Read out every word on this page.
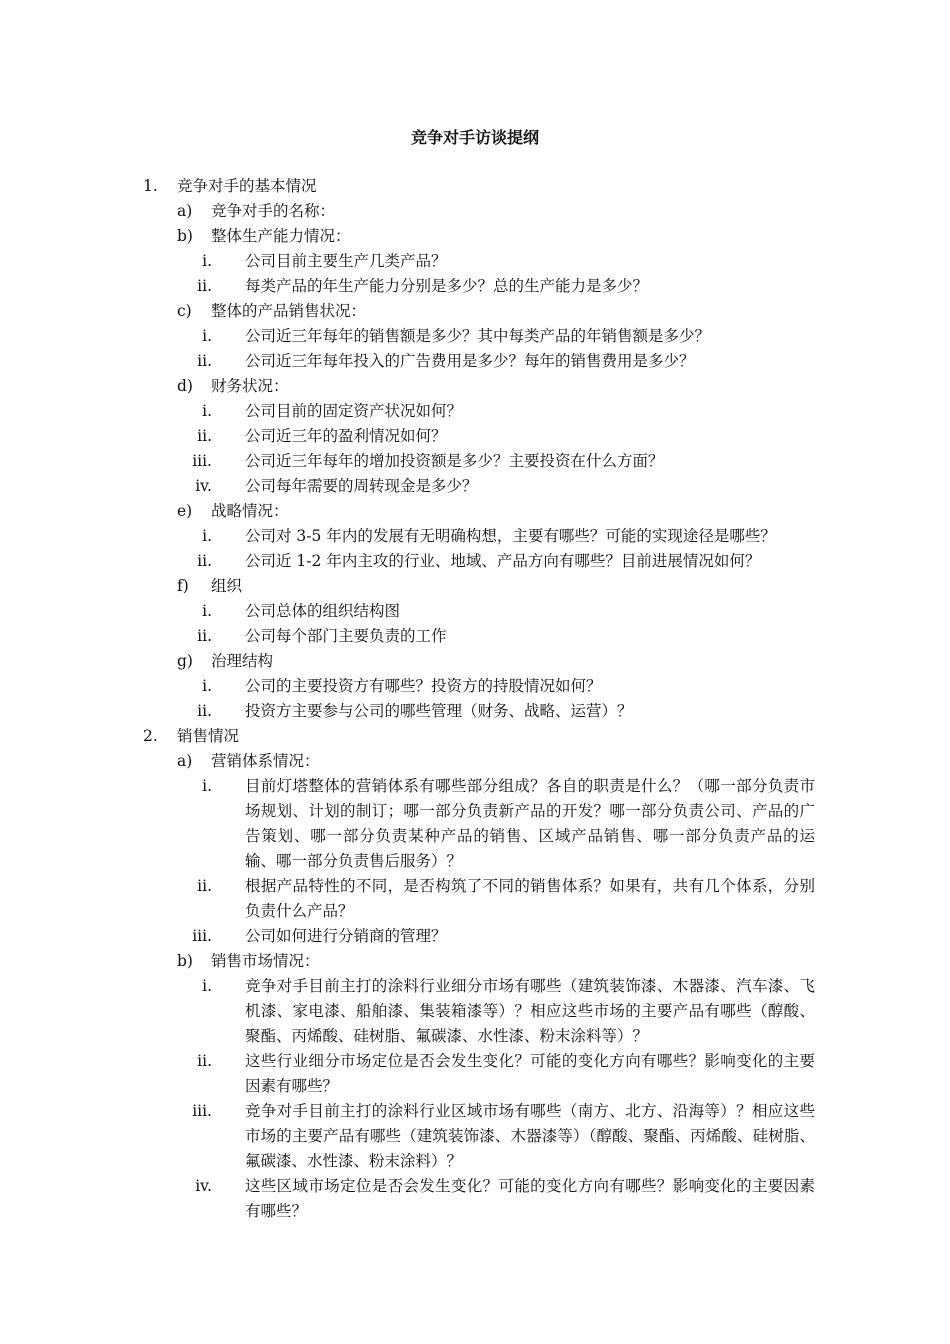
竞争对手访谈提纲
1.	竞争对手的基本情况
a)	竞争对手的名称：
b)	整体生产能力情况：
i. 公司目前主要生产几类产品？
ii. 每类产品的年生产能力分别是多少？总的生产能力是多少？
c)	整体的产品销售状况：
i. 公司近三年每年的销售额是多少？其中每类产品的年销售额是多少？
ii. 公司近三年每年投入的广告费用是多少？每年的销售费用是多少？
d)	财务状况：
i. 公司目前的固定资产状况如何？
ii. 公司近三年的盈利情况如何？
iii. 公司近三年每年的增加投资额是多少？主要投资在什么方面？
iv. 公司每年需要的周转现金是多少？
e)	战略情况：
i. 公司对 3-5 年内的发展有无明确构想，主要有哪些？可能的实现途径是哪些？
ii. 公司近 1-2 年内主攻的行业、地域、产品方向有哪些？目前进展情况如何？
f)	组织
i. 公司总体的组织结构图
ii. 公司每个部门主要负责的工作
g)	治理结构
i. 公司的主要投资方有哪些？投资方的持股情况如何？
ii. 投资方主要参与公司的哪些管理（财务、战略、运营）？
2.	销售情况
a)	营销体系情况：
i. 目前灯塔整体的营销体系有哪些部分组成？各自的职责是什么？（哪一部分负责市场规划、计划的制订；哪一部分负责新产品的开发？哪一部分负责公司、产品的广告策划、哪一部分负责某种产品的销售、区域产品销售、哪一部分负责产品的运输、哪一部分负责售后服务）？
ii. 根据产品特性的不同，是否构筑了不同的销售体系？如果有，共有几个体系，分别负责什么产品？
iii. 公司如何进行分销商的管理？
b)	销售市场情况：
i. 竞争对手目前主打的涂料行业细分市场有哪些（建筑装饰漆、木器漆、汽车漆、飞机漆、家电漆、船舶漆、集装箱漆等）？相应这些市场的主要产品有哪些（醇酸、聚酯、丙烯酸、硅树脂、氟碳漆、水性漆、粉末涂料等）？
ii. 这些行业细分市场定位是否会发生变化？可能的变化方向有哪些？影响变化的主要因素有哪些？
iii. 竞争对手目前主打的涂料行业区域市场有哪些（南方、北方、沿海等）？相应这些市场的主要产品有哪些（建筑装饰漆、木器漆等）（醇酸、聚酯、丙烯酸、硅树脂、氟碳漆、水性漆、粉末涂料）？
iv. 这些区域市场定位是否会发生变化？可能的变化方向有哪些？影响变化的主要因素有哪些？
